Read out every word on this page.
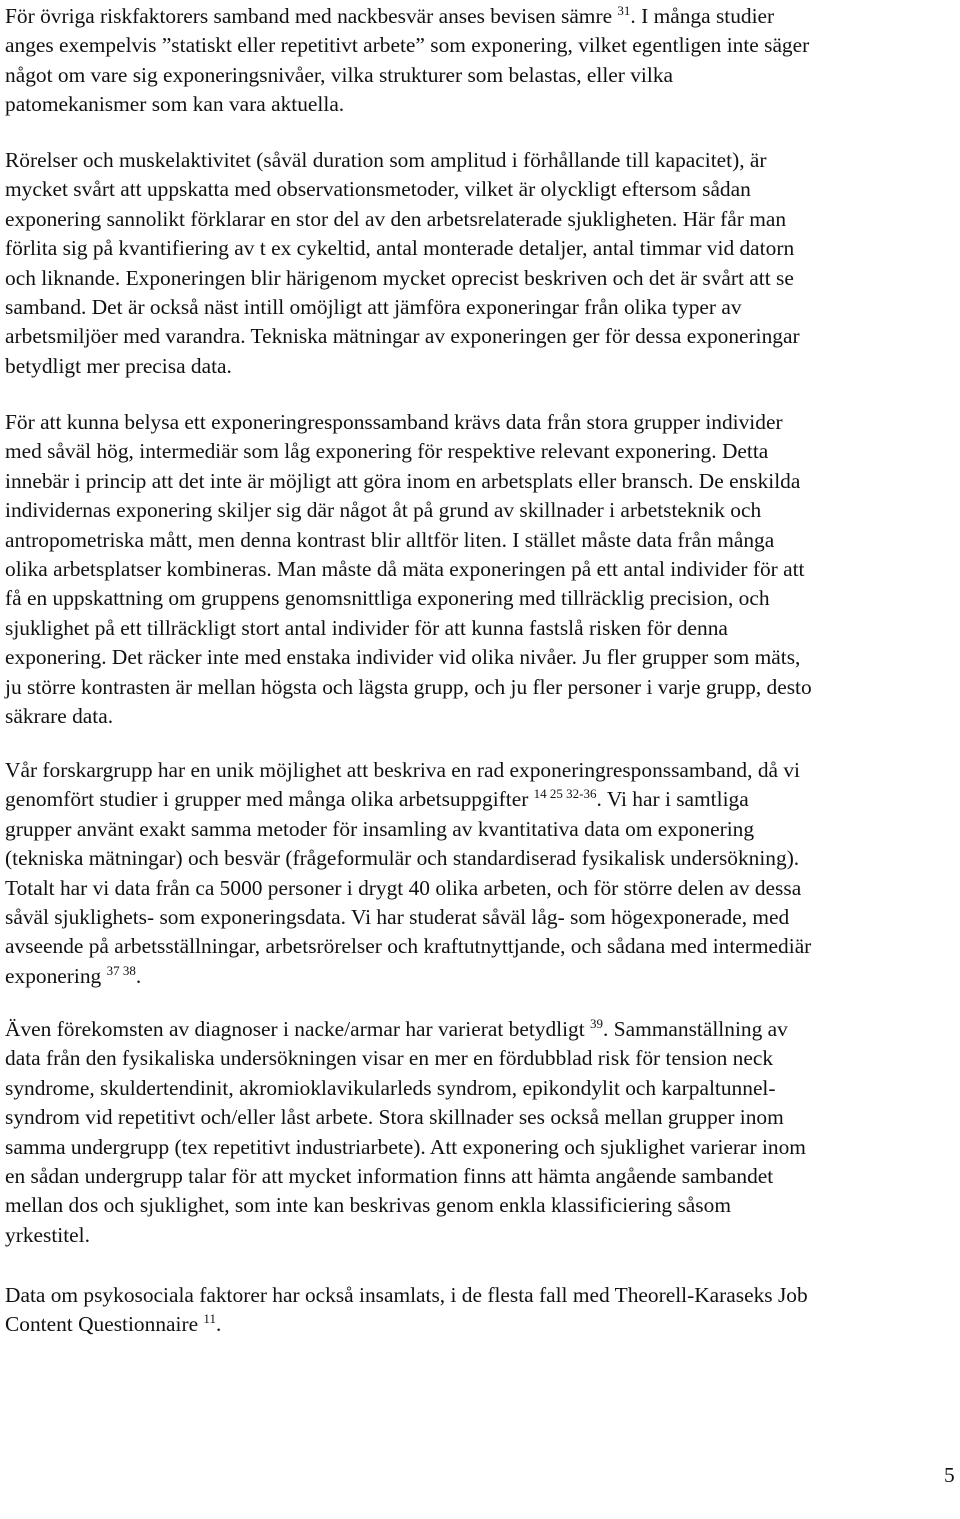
För övriga riskfaktorers samband med nackbesvär anses bevisen sämre $^{31}$. I många studier
anges exempelvis ”statiskt eller repetitivt arbete” som exponering, vilket egentligen inte säger
något om vare sig exponeringsnivåer, vilka strukturer som belastas, eller vilka
patomekanismer som kan vara aktuella.
Rörelser och muskelaktivitet (såväl duration som amplitud i förhållande till kapacitet), är
mycket svårt att uppskatta med observationsmetoder, vilket är olyckligt eftersom sådan
exponering sannolikt förklarar en stor del av den arbetsrelaterade sjukligheten. Här får man
förlita sig på kvantifiering av t ex cykeltid, antal monterade detaljer, antal timmar vid datorn
och liknande. Exponeringen blir härigenom mycket oprecist beskriven och det är svårt att se
samband. Det är också näst intill omöjligt att jämföra exponeringar från olika typer av
arbetsmiljöer med varandra. Tekniska mätningar av exponeringen ger för dessa exponeringar
betydligt mer precisa data.
För att kunna belysa ett exponeringresponssamband krävs data från stora grupper individer
med såväl hög, intermediär som låg exponering för respektive relevant exponering. Detta
innebär i princip att det inte är möjligt att göra inom en arbetsplats eller bransch. De enskilda
individernas exponering skiljer sig där något åt på grund av skillnader i arbetsteknik och
antropometriska mått, men denna kontrast blir alltför liten. I stället måste data från många
olika arbetsplatser kombineras. Man måste då mäta exponeringen på ett antal individer för att
få en uppskattning om gruppens genomsnittliga exponering med tillräcklig precision, och
sjuklighet på ett tillräckligt stort antal individer för att kunna fastslå risken för denna
exponering. Det räcker inte med enstaka individer vid olika nivåer. Ju fler grupper som mäts,
ju större kontrasten är mellan högsta och lägsta grupp, och ju fler personer i varje grupp, desto
säkrare data.
Vår forskargrupp har en unik möjlighet att beskriva en rad exponeringresponssamband, då vi
genomfört studier i grupper med många olika arbetsuppgifter $^{14 25 32-36}$. Vi har i samtliga
grupper använt exakt samma metoder för insamling av kvantitativa data om exponering
(tekniska mätningar) och besvär (frågeformulär och standardiserad fysikalisk undersökning).
Totalt har vi data från ca 5000 personer i drygt 40 olika arbeten, och för större delen av dessa
såväl sjuklighets- som exponeringsdata. Vi har studerat såväl låg- som högexponerade, med
avseende på arbetsställningar, arbetsrörelser och kraftutnyttjande, och sådana med intermediär
exponering $^{37 38}$.
Även förekomsten av diagnoser i nacke/armar har varierat betydligt $^{39}$. Sammanställning av
data från den fysikaliska undersökningen visar en mer en fördubblad risk för tension neck
syndrome, skuldertendinit, akromioklavikularleds syndrom, epikondylit och karpaltunnel-
syndrom vid repetitivt och/eller låst arbete. Stora skillnader ses också mellan grupper inom
samma undergrupp (tex repetitivt industriarbete). Att exponering och sjuklighet varierar inom
en sådan undergrupp talar för att mycket information finns att hämta angående sambandet
mellan dos och sjuklighet, som inte kan beskrivas genom enkla klassificiering såsom
yrkestitel.
Data om psykosociala faktorer har också insamlats, i de flesta fall med Theorell-Karaseks Job
Content Questionnaire $^{11}$.
5
